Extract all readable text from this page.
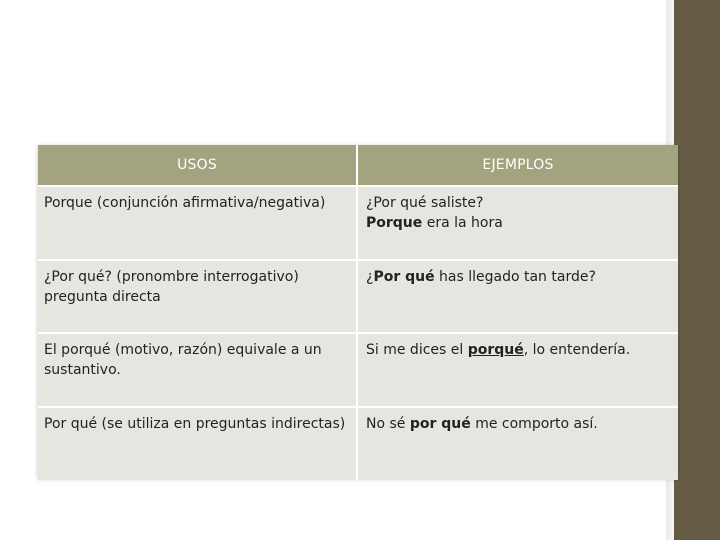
USOS	EJEMPLOS
Porque (conjunción afirmativa/negativa)	¿Por qué saliste?
Porque era la hora

¿Por qué? (pronombre interrogativo) pregunta directa	¿Por qué has llegado tan tarde?
El porqué (motivo, razón) equivale a un sustantivo.	Si me dices el porqué, lo entendería.
Por qué (se utiliza en preguntas indirectas)	No sé por qué me comporto así.
